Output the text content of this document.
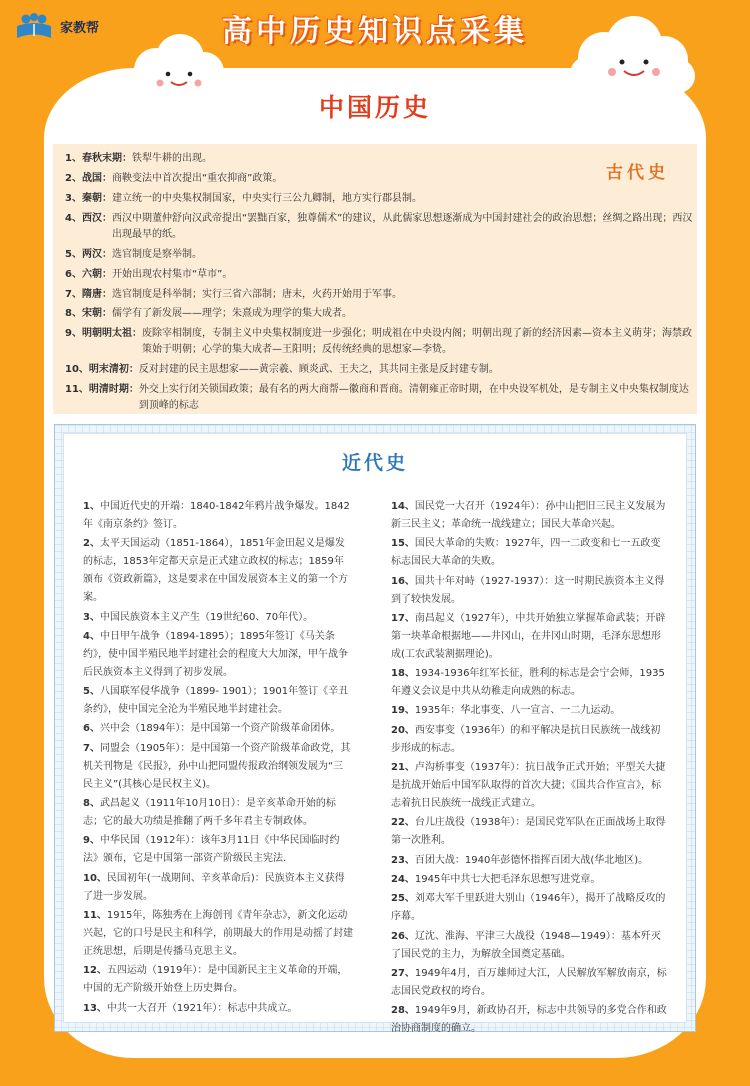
家教帮	高中历史知识点采集
中国历史
古代史
1、 春秋末期 ： 铁犁牛耕的出现。
2、 战国 ： 商鞅变法中首次提出“重农抑商”政策。
3、 秦朝 ： 建立统一的中央集权制国家，中央实行三公九卿制，地方实行郡县制。
4、 西汉 ： 西汉中期董仲舒向汉武帝提出“罢黜百家，独尊儒术”的建议，从此儒家思想逐渐成为中国封建社会的政治思想；丝绸之路出现；西汉出现最早的纸。
5、 两汉 ： 选官制度是察举制。
6、 六朝 ： 开始出现农村集市“草市”。
7、 隋唐 ： 选官制度是科举制；实行三省六部制；唐末，火药开始用于军事。
8、 宋朝 ： 儒学有了新发展——理学；朱熹成为理学的集大成者。
9、 明朝明太祖 ： 废除宰相制度，专制主义中央集权制度进一步强化；明成祖在中央设内阁；明朝出现了新的经济因素—资本主义萌芽；海禁政策始于明朝；心学的集大成者—王阳明；反传统经典的思想家—李贽。
10、 明末清初 ： 反对封建的民主思想家——黄宗羲、顾炎武、王夫之，其共同主张是反封建专制。
11、 明清时期 ： 外交上实行闭关锁国政策；最有名的两大商帮—徽商和晋商。清朝雍正帝时期，在中央设军机处，是专制主义中央集权制度达到顶峰的标志
近代史

1、中国近代史的开端：1840-1842年鸦片战争爆发。1842年《南京条约》签订。

2、太平天国运动（1851-1864），1851年金田起义是爆发的标志，1853年定都天京是正式建立政权的标志；1859年颁布《资政新篇》，这是要求在中国发展资本主义的第一个方案。

3、中国民族资本主义产生（19世纪60、70年代）。

4、中日甲午战争（1894-1895）；1895年签订《马关条约》，使中国半殖民地半封建社会的程度大大加深，甲午战争后民族资本主义得到了初步发展。

5、八国联军侵华战争（1899- 1901）；1901年签订《辛丑条约》，使中国完全沦为半殖民地半封建社会。

6、兴中会（1894年）：是中国第一个资产阶级革命团体。

7、同盟会（1905年）：是中国第一个资产阶级革命政党，其机关刊物是《民报》，孙中山把同盟传报政治纲领发展为“三民主义”(其核心是民权主义)。

8、武昌起义（1911年10月10日）：是辛亥革命开始的标志；它的最大功绩是推翻了两千多年君主专制政体。

9、中华民国（1912年）：该年3月11日《中华民国临时约法》颁布，它是中国第一部资产阶级民主宪法.

10、民国初年(一战期间、辛亥革命后)：民族资本主义获得了进一步发展。

11、1915年，陈独秀在上海创刊《青年杂志》，新文化运动兴起，它的口号是民主和科学，前期最大的作用是动摇了封建正统思想，后期是传播马克思主义。

12、五四运动（1919年）：是中国新民主主义革命的开端，中国的无产阶级开始登上历史舞台。

13、中共一大召开（1921年）：标志中共成立。

14、国民党一大召开（1924年）：孙中山把旧三民主义发展为新三民主义；革命统一战线建立；国民大革命兴起。

15、国民大革命的失败：1927年，四一二政变和七一五政变标志国民大革命的失败。

16、国共十年对峙（1927-1937）：这一时期民族资本主义得到了较快发展。

17、南昌起义（1927年），中共开始独立掌握革命武装；开辟第一块革命根据地——井冈山，在井冈山时期，毛泽东思想形成(工农武装割据理论)。

18、1934-1936年红军长征，胜利的标志是会宁会师，1935年遵义会议是中共从幼稚走向成熟的标志。

19、1935年：华北事变、八一宣言、一二九运动。

20、西安事变（1936年）的和平解决是抗日民族统一战线初步形成的标志。

21、卢沟桥事变（1937年）：抗日战争正式开始；平型关大捷是抗战开始后中国军队取得的首次大捷；《国共合作宣言》，标志着抗日民族统一战线正式建立。

22、台儿庄战役（1938年）：是国民党军队在正面战场上取得第一次胜利。

23、百团大战：1940年彭德怀指挥百团大战(华北地区)。

24、1945年中共七大把毛泽东思想写进党章。

25、刘邓大军千里跃进大别山（1946年），揭开了战略反攻的序幕。

26、辽沈、淮海、平津三大战役（1948—1949）：基本歼灭了国民党的主力，为解放全国奠定基础。

27、1949年4月，百万雄师过大江，人民解放军解放南京，标志国民党政权的垮台。

28、1949年9月，新政协召开，标志中共领导的多党合作和政治协商制度的确立。
